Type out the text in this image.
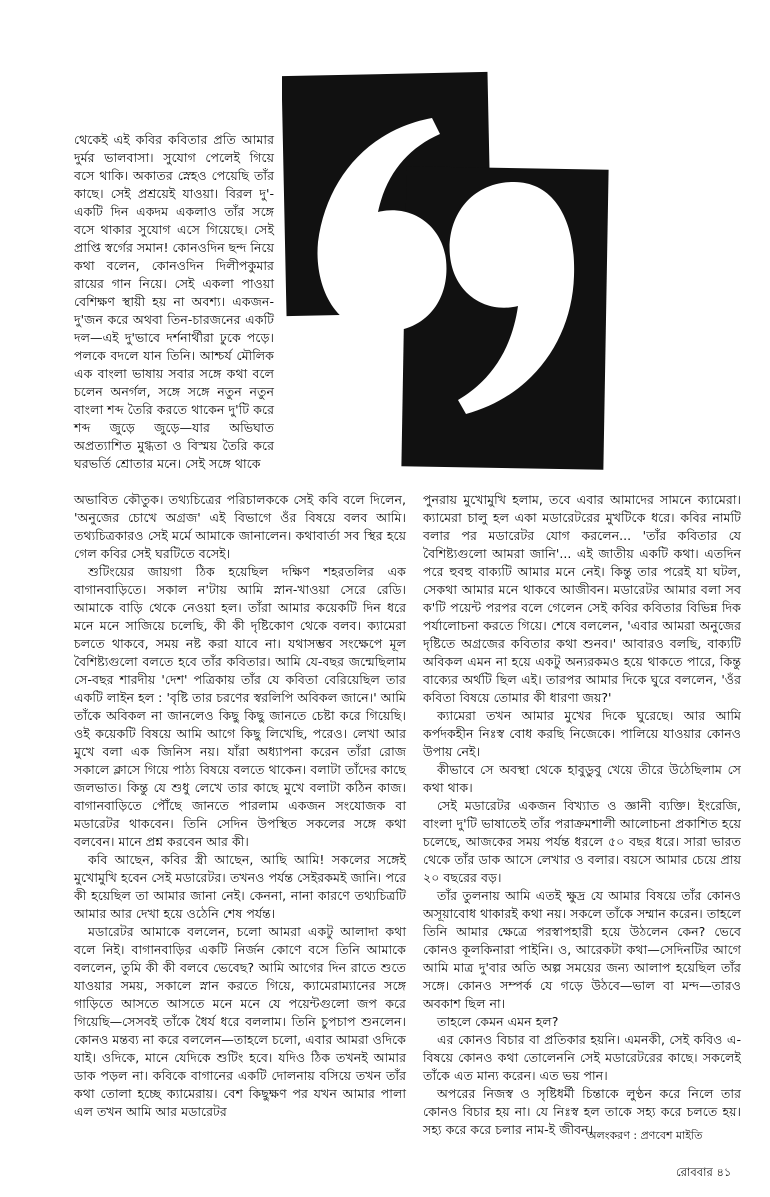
থেকেই এই কবির কবিতার প্রতি আমার দুর্মর ভালবাসা। সুযোগ পেলেই গিয়ে বসে থাকি। অকাতর স্নেহও পেয়েছি তাঁর কাছে। সেই প্রশ্রয়েই যাওয়া। বিরল দু'-একটি দিন একদম একলাও তাঁর সঙ্গে বসে থাকার সুযোগ এসে গিয়েছে। সেই প্রাপ্তি স্বর্গের সমান! কোনওদিন ছন্দ নিয়ে কথা বলেন, কোনওদিন দিলীপকুমার রায়ের গান নিয়ে। সেই একলা পাওয়া বেশিক্ষণ স্থায়ী হয় না অবশ্য। একজন-দু'জন করে অথবা তিন-চারজনের একটি দল—এই দু'ভাবে দর্শনার্থীরা ঢুকে পড়ে। পলকে বদলে যান তিনি। আশ্চর্য মৌলিক এক বাংলা ভাষায় সবার সঙ্গে কথা বলে চলেন অনর্গল, সঙ্গে সঙ্গে নতুন নতুন বাংলা শব্দ তৈরি করতে থাকেন দু'টি করে শব্দ জুড়ে জুড়ে—যার অভিঘাত অপ্রত্যাশিত মুগ্ধতা ও বিস্ময় তৈরি করে ঘরভর্তি শ্রোতার মনে। সেই সঙ্গে থাকে

অভাবিত কৌতুক। তথ্যচিত্রের পরিচালককে সেই কবি বলে দিলেন, 'অনুজের চোখে অগ্রজ' এই বিভাগে ওঁর বিষয়ে বলব আমি। তথ্যচিত্রকারও সেই মর্মে আমাকে জানালেন। কথাবার্তা সব স্থির হয়ে গেল কবির সেই ঘরটিতে বসেই।

শুটিংয়ের জায়গা ঠিক হয়েছিল দক্ষিণ শহরতলির এক বাগানবাড়িতে। সকাল ন'টায় আমি স্নান-খাওয়া সেরে রেডি। আমাকে বাড়ি থেকে নেওয়া হল। তাঁরা আমার কয়েকটি দিন ধরে মনে মনে সাজিয়ে চলেছি, কী কী দৃষ্টিকোণ থেকে বলব। ক্যামেরা চলতে থাকবে, সময় নষ্ট করা যাবে না। যথাসম্ভব সংক্ষেপে মূল বৈশিষ্ট্যগুলো বলতে হবে তাঁর কবিতার। আমি যে-বছর জন্মেছিলাম সে-বছর শারদীয় 'দেশ' পত্রিকায় তাঁর যে কবিতা বেরিয়েছিল তার একটি লাইন হল : 'বৃষ্টি তার চরণের স্বরলিপি অবিকল জানে।' আমি তাঁকে অবিকল না জানলেও কিছু কিছু জানতে চেষ্টা করে গিয়েছি। ওই কয়েকটি বিষয়ে আমি আগে কিছু লিখেছি, পরেও। লেখা আর মুখে বলা এক জিনিস নয়। যাঁরা অধ্যাপনা করেন তাঁরা রোজ সকালে ক্লাসে গিয়ে পাঠ্য বিষয়ে বলতে থাকেন। বলাটা তাঁদের কাছে জলভাত। কিন্তু যে শুধু লেখে তার কাছে মুখে বলাটা কঠিন কাজ। বাগানবাড়িতে পৌঁছে জানতে পারলাম একজন সংযোজক বা মডারেটর থাকবেন। তিনি সেদিন উপস্থিত সকলের সঙ্গে কথা বলবেন। মানে প্রশ্ন করবেন আর কী।

কবি আছেন, কবির স্ত্রী আছেন, আছি আমি! সকলের সঙ্গেই মুখোমুখি হবেন সেই মডারেটর। তখনও পর্যন্ত সেইরকমই জানি। পরে কী হয়েছিল তা আমার জানা নেই। কেননা, নানা কারণে তথ্যচিত্রটি আমার আর দেখা হয়ে ওঠেনি শেষ পর্যন্ত।

মডারেটর আমাকে বললেন, চলো আমরা একটু আলাদা কথা বলে নিই। বাগানবাড়ির একটি নির্জন কোণে বসে তিনি আমাকে বললেন, তুমি কী কী বলবে ভেবেছ? আমি আগের দিন রাতে শুতে যাওয়ার সময়, সকালে স্নান করতে গিয়ে, ক্যামেরাম্যানের সঙ্গে গাড়িতে আসতে আসতে মনে মনে যে পয়েন্টগুলো জপ করে গিয়েছি—সেসবই তাঁকে ধৈর্য ধরে বললাম। তিনি চুপচাপ শুনলেন। কোনও মন্তব্য না করে বললেন—তাহলে চলো, এবার আমরা ওদিকে যাই। ওদিকে, মানে যেদিকে শুটিং হবে। যদিও ঠিক তখনই আমার ডাক পড়ল না। কবিকে বাগানের একটি দোলনায় বসিয়ে তখন তাঁর কথা তোলা হচ্ছে ক্যামেরায়। বেশ কিছুক্ষণ পর যখন আমার পালা এল তখন আমি আর মডারেটর

পুনরায় মুখোমুখি হলাম, তবে এবার আমাদের সামনে ক্যামেরা। ক্যামেরা চালু হল একা মডারেটরের মুখটিকে ধরে। কবির নামটি বলার পর মডারেটর যোগ করলেন... 'তাঁর কবিতার যে বৈশিষ্ট্যগুলো আমরা জানি'... এই জাতীয় একটি কথা। এতদিন পরে হুবহু বাক্যটি আমার মনে নেই। কিন্তু তার পরেই যা ঘটল, সেকথা আমার মনে থাকবে আজীবন। মডারেটর আমার বলা সব ক'টি পয়েন্ট পরপর বলে গেলেন সেই কবির কবিতার বিভিন্ন দিক পর্যালোচনা করতে গিয়ে। শেষে বললেন, 'এবার আমরা অনুজের দৃষ্টিতে অগ্রজের কবিতার কথা শুনব।' আবারও বলছি, বাক্যটি অবিকল এমন না হয়ে একটু অন্যরকমও হয়ে থাকতে পারে, কিন্তু বাক্যের অর্থটি ছিল এই। তারপর আমার দিকে ঘুরে বললেন, 'ওঁর কবিতা বিষয়ে তোমার কী ধারণা জয়?'

ক্যামেরা তখন আমার মুখের দিকে ঘুরেছে। আর আমি কর্পদকহীন নিঃস্ব বোধ করছি নিজেকে। পালিয়ে যাওয়ার কোনও উপায় নেই।

কীভাবে সে অবস্থা থেকে হাবুডুবু খেয়ে তীরে উঠেছিলাম সে কথা থাক।

সেই মডারেটর একজন বিখ্যাত ও জ্ঞানী ব্যক্তি। ইংরেজি, বাংলা দু'টি ভাষাতেই তাঁর পরাক্রমশালী আলোচনা প্রকাশিত হয়ে চলেছে, আজকের সময় পর্যন্ত ধরলে ৫০ বছর ধরে। সারা ভারত থেকে তাঁর ডাক আসে লেখার ও বলার। বয়সে আমার চেয়ে প্রায় ২০ বছরের বড়।

তাঁর তুলনায় আমি এতই ক্ষুদ্র যে আমার বিষয়ে তাঁর কোনও অসূয়াবোধ থাকারই কথা নয়। সকলে তাঁকে সম্মান করেন। তাহলে তিনি আমার ক্ষেত্রে পরস্বাপহারী হয়ে উঠলেন কেন? ভেবে কোনও কূলকিনারা পাইনি। ও, আরেকটা কথা—সেদিনটির আগে আমি মাত্র দু'বার অতি অল্প সময়ের জন্য আলাপ হয়েছিল তাঁর সঙ্গে। কোনও সম্পর্ক যে গড়ে উঠবে—ভাল বা মন্দ—তারও অবকাশ ছিল না।

তাহলে কেমন এমন হল?

এর কোনও বিচার বা প্রতিকার হয়নি। এমনকী, সেই কবিও এ-বিষয়ে কোনও কথা তোলেননি সেই মডারেটরের কাছে। সকলেই তাঁকে এত মান্য করেন। এত ভয় পান।

অপরের নিজস্ব ও সৃষ্টিধর্মী চিন্তাকে লুণ্ঠন করে নিলে তার কোনও বিচার হয় না। যে নিঃস্ব হল তাকে সহ্য করে চলতে হয়। সহ্য করে করে চলার নাম-ই জীবন।

অলংকরণ : প্রণবেশ মাইতি
রোববার ৪১
